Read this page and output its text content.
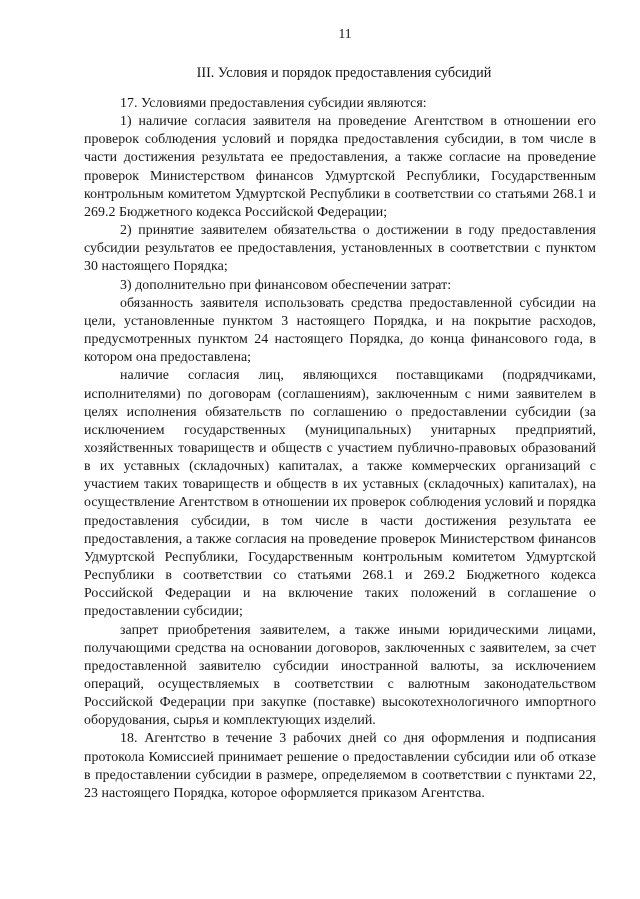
11
III. Условия и порядок предоставления субсидий

17. Условиями предоставления субсидии являются:

1) наличие согласия заявителя на проведение Агентством в отношении его проверок соблюдения условий и порядка предоставления субсидии, в том числе в части достижения результата ее предоставления, а также согласие на проведение проверок Министерством финансов Удмуртской Республики, Государственным контрольным комитетом Удмуртской Республики в соответствии со статьями 268.1 и 269.2 Бюджетного кодекса Российской Федерации;

2) принятие заявителем обязательства о достижении в году предоставления субсидии результатов ее предоставления, установленных в соответствии с пунктом 30 настоящего Порядка;

3) дополнительно при финансовом обеспечении затрат:

обязанность заявителя использовать средства предоставленной субсидии на цели, установленные пунктом 3 настоящего Порядка, и на покрытие расходов, предусмотренных пунктом 24 настоящего Порядка, до конца финансового года, в котором она предоставлена;

наличие согласия лиц, являющихся поставщиками (подрядчиками, исполнителями) по договорам (соглашениям), заключенным с ними заявителем в целях исполнения обязательств по соглашению о предоставлении субсидии (за исключением государственных (муниципальных) унитарных предприятий, хозяйственных товариществ и обществ с участием публично-правовых образований в их уставных (складочных) капиталах, а также коммерческих организаций с участием таких товариществ и обществ в их уставных (складочных) капиталах), на осуществление Агентством в отношении их проверок соблюдения условий и порядка предоставления субсидии, в том числе в части достижения результата ее предоставления, а также согласия на проведение проверок Министерством финансов Удмуртской Республики, Государственным контрольным комитетом Удмуртской Республики в соответствии со статьями 268.1 и 269.2 Бюджетного кодекса Российской Федерации и на включение таких положений в соглашение о предоставлении субсидии;

запрет приобретения заявителем, а также иными юридическими лицами, получающими средства на основании договоров, заключенных с заявителем, за счет предоставленной заявителю субсидии иностранной валюты, за исключением операций, осуществляемых в соответствии с валютным законодательством Российской Федерации при закупке (поставке) высокотехнологичного импортного оборудования, сырья и комплектующих изделий.

18. Агентство в течение 3 рабочих дней со дня оформления и подписания протокола Комиссией принимает решение о предоставлении субсидии или об отказе в предоставлении субсидии в размере, определяемом в соответствии с пунктами 22, 23 настоящего Порядка, которое оформляется приказом Агентства.
